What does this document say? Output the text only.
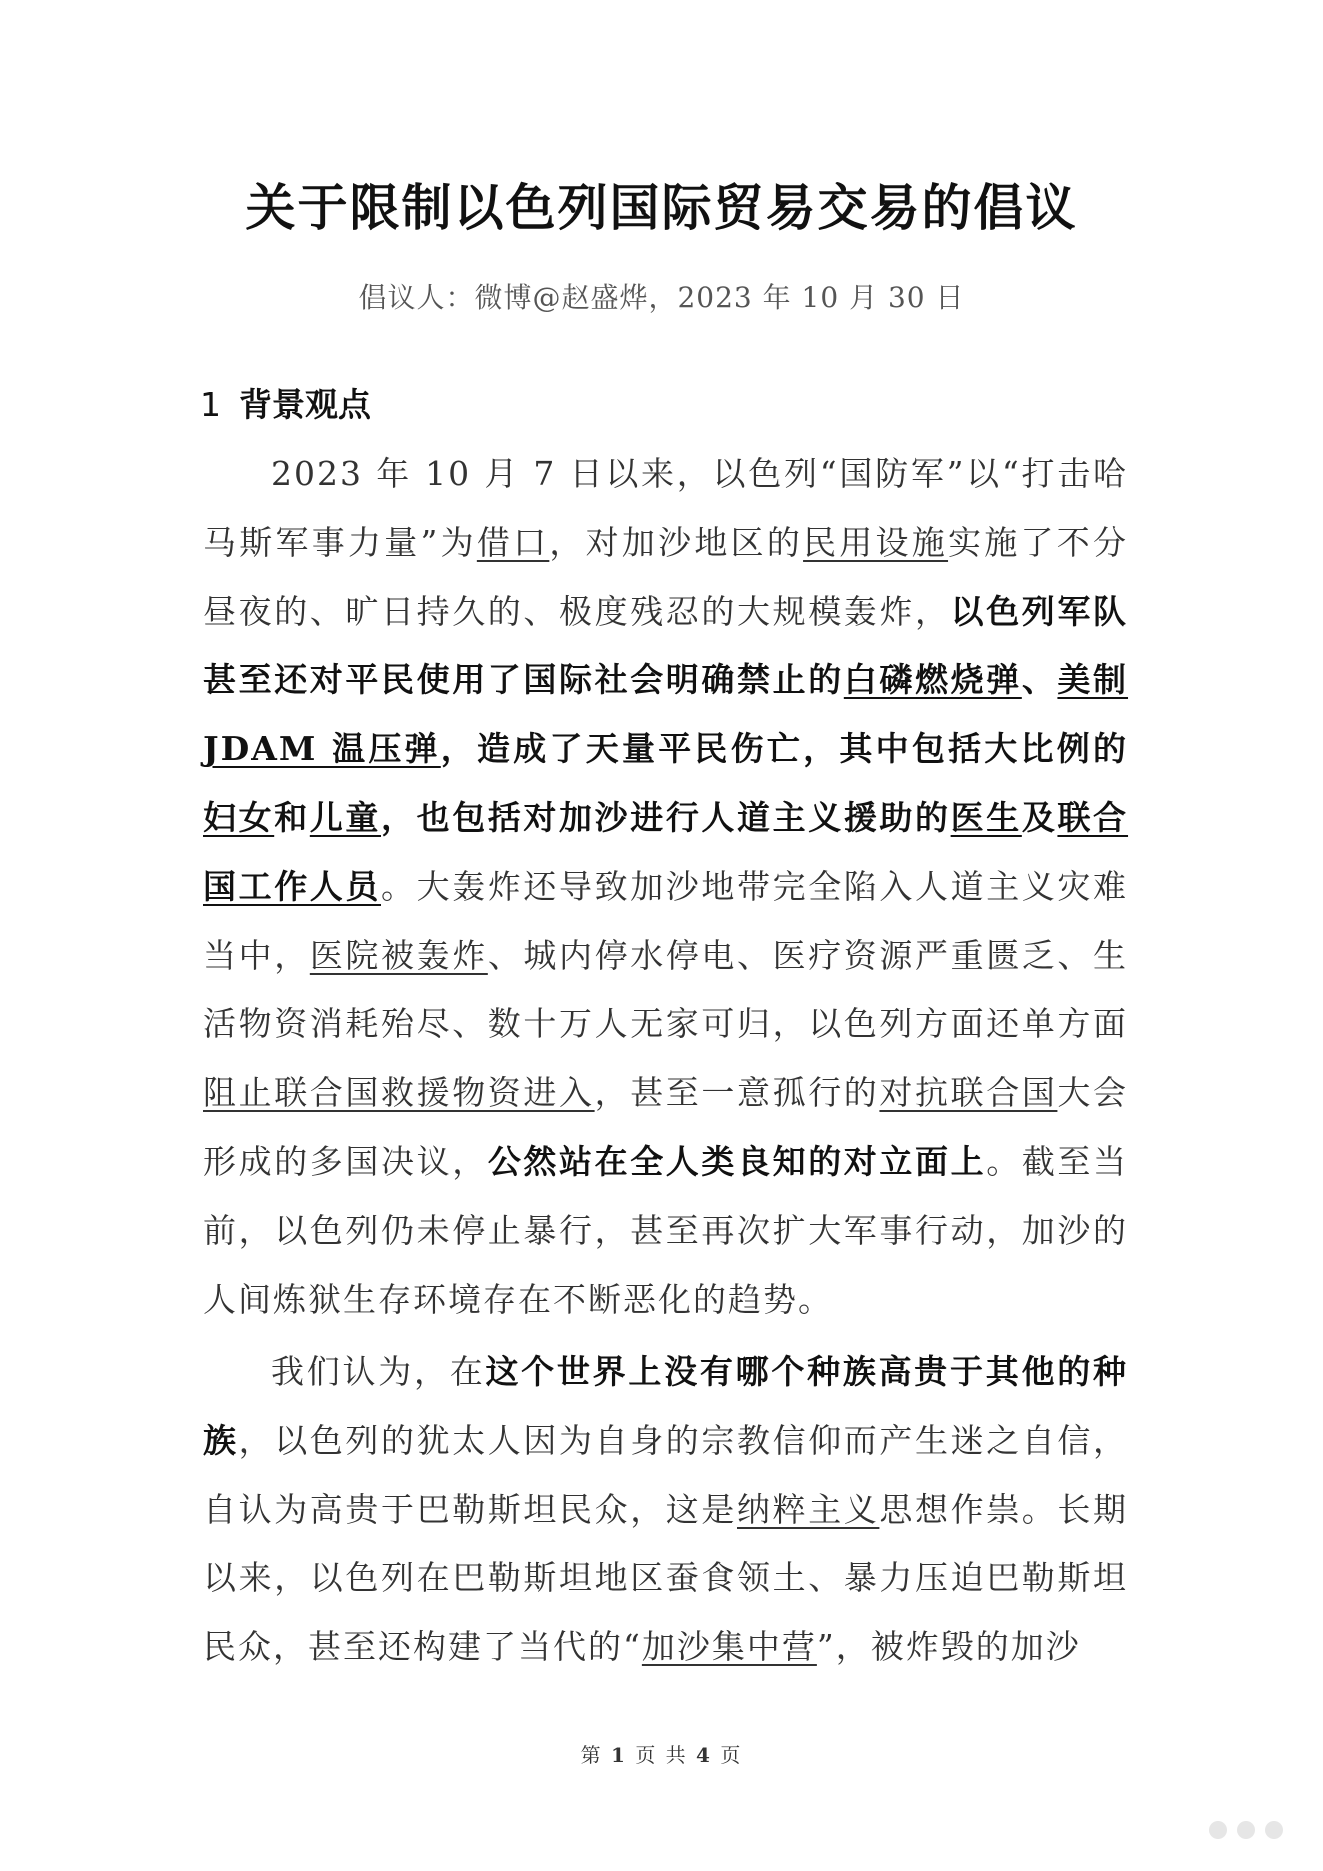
关于限制以色列国际贸易交易的倡议
倡议人：微博@赵盛烨，2023 年 10 月 30 日
1 背景观点

2023 年 10 月 7 日以来，以色列“国防军”以“打击哈马斯军事力量”为借口，对加沙地区的民用设施实施了不分昼夜的、旷日持久的、极度残忍的大规模轰炸，以色列军队甚至还对平民使用了国际社会明确禁止的白磷燃烧弹、美制 JDAM 温压弹，造成了天量平民伤亡，其中包括大比例的妇女和儿童，也包括对加沙进行人道主义援助的医生及联合国工作人员。大轰炸还导致加沙地带完全陷入人道主义灾难当中，医院被轰炸、城内停水停电、医疗资源严重匮乏、生活物资消耗殆尽、数十万人无家可归，以色列方面还单方面阻止联合国救援物资进入，甚至一意孤行的对抗联合国大会形成的多国决议，公然站在全人类良知的对立面上。截至当前，以色列仍未停止暴行，甚至再次扩大军事行动，加沙的人间炼狱生存环境存在不断恶化的趋势。

我们认为，在这个世界上没有哪个种族高贵于其他的种族，以色列的犹太人因为自身的宗教信仰而产生迷之自信，自认为高贵于巴勒斯坦民众，这是纳粹主义思想作祟。长期以来，以色列在巴勒斯坦地区蚕食领土、暴力压迫巴勒斯坦民众，甚至还构建了当代的“加沙集中营”，被炸毁的加沙

第 1 页 共 4 页
